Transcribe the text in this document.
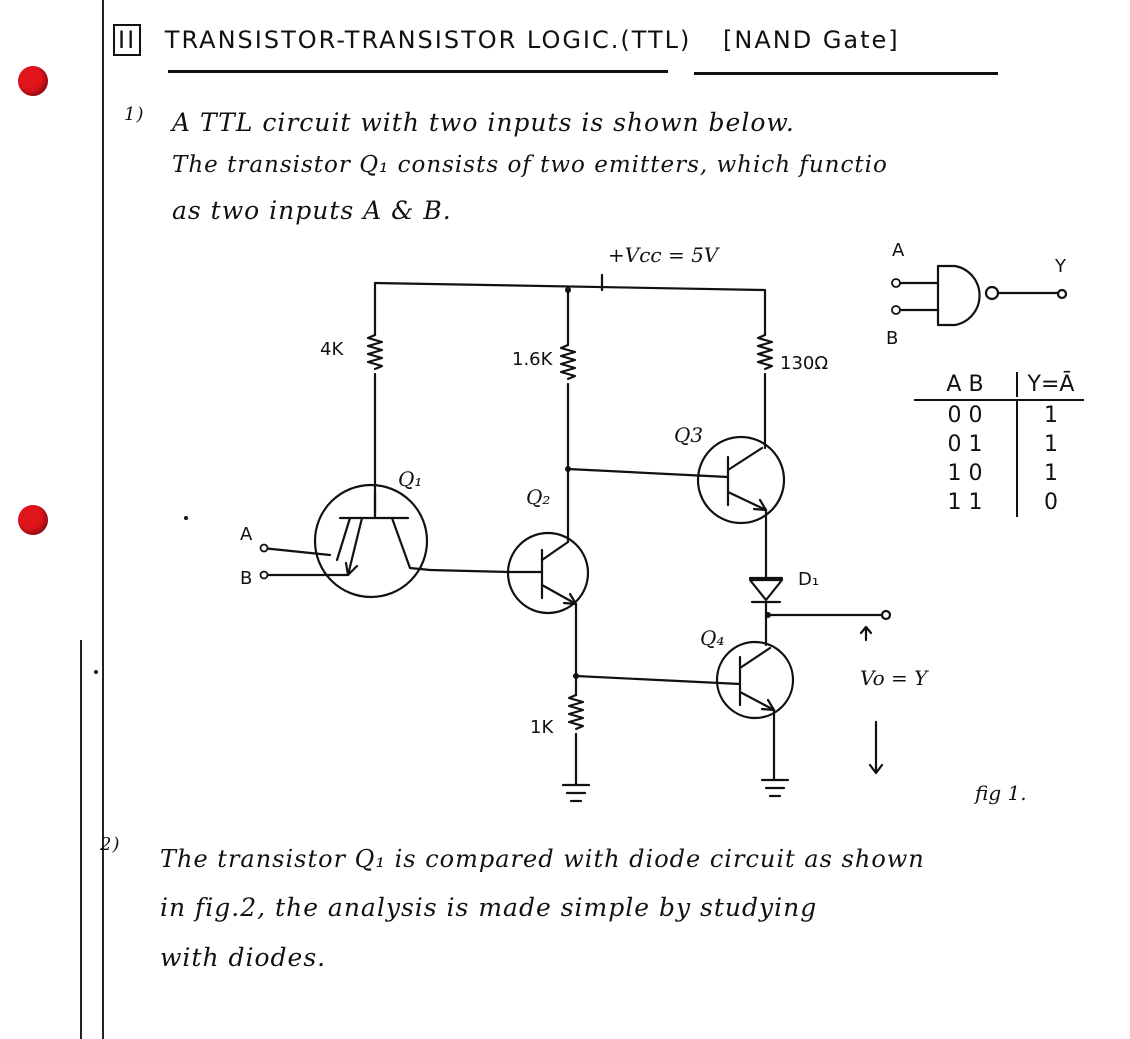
II TRANSISTOR-TRANSISTOR LOGIC.(TTL) [NAND Gate]
1) A TTL circuit with two inputs is shown below.
The transistor Q₁ consists of two emitters, which functio
as two inputs A & B.
+Vcc = 5V
4K	1.6K	130Ω
1K
Q₁
Q₂
Q3
Q₄
D₁
A
B
Vo = Y
fig 1.
A
B
Y
A B	Y=Ā
0 0	1
0 1	1
1 0	1
1 1	0
2)
The transistor Q₁ is compared with diode circuit as shown
in fig.2, the analysis is made simple by studying
with diodes.
